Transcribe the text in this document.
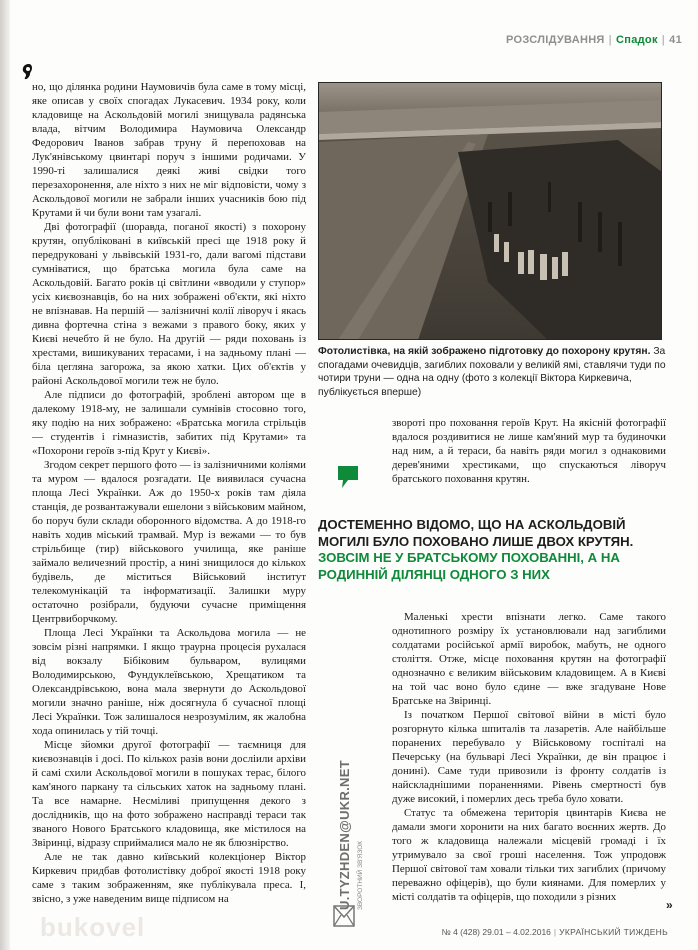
РОЗСЛІДУВАННЯ | Спадок | 41

но, що ділянка родини Наумовичів була саме в тому місці, яке описав у своїх спогадах Лукасевич. 1934 року, коли кладовище на Аскольдовій могилі знищувала радянська влада, вітчим Володимира Наумовича Олександр Федорович Іванов забрав труну й перепоховав на Лук'янівському цвинтарі поруч з іншими родичами. У 1990-ті залишалися деякі живі свідки того перезахоронення, але ніхто з них не міг відповісти, чому з Аскольдової могили не забрали інших учасників бою під Крутами й чи були вони там узагалі.

Дві фотографії (шоравда, поганої якості) з похорону крутян, опубліковані в київській пресі ще 1918 року й передруковані у львівській 1931-го, дали вагомі підстави сумніватися, що братська могила була саме на Аскольдовій. Багато років ці світлини «вводили у ступор» усіх києвознавців, бо на них зображені об'єкти, які ніхто не впізнавав. На першій — залізничні колії ліворуч і якась дивна фортечна стіна з вежами з правого боку, яких у Києві нечебто й не було. На другій — ряди поховань із хрестами, вишикуваних терасами, і на задньому плані — біла цегляна загорожа, за якою хатки. Цих об'єктів у районі Аскольдової могили теж не було.

Але підписи до фотографій, зроблені автором ще в далекому 1918-му, не залишали сумнівів стосовно того, яку подію на них зображено: «Братська могила стрільців — студентів і гімназистів, забитих під Крутами» та «Похорони героїв з-під Крут у Києві».

Згодом секрет першого фото — із залізничними коліями та муром — вдалося розгадати. Це виявилася сучасна площа Лесі Українки. Аж до 1950-х років там діяла станція, де розвантажували ешелони з військовим майном, бо поруч були склади оборонного відомства. А до 1918-го навіть ходив міський трамвай. Мур із вежами — то був стрільбище (тир) військового училища, яке раніше займало величезний простір, а нині знищилося до кількох будівель, де міститься Військовий інститут телекомунікацій та інформатизації. Залишки муру остаточно розібрали, будуючи сучасне приміщення Центрвиборчкому.

Площа Лесі Українки та Аскольдова могила — не зовсім різні напрямки. І якщо траурна процесія рухалася від вокзалу Бібіковим бульваром, вулицями Володимирською, Фундуклеївською, Хрещатиком та Олександрівською, вона мала звернути до Аскольдової могили значно раніше, ніж досягнула б сучасної площі Лесі Українки. Тож залишалося незрозумілим, як жалобна хода опинилась у тій точці.

Місце зйомки другої фотографії — таємниця для києвознавців і досі. По кількох разів вони досліили архіви й самі схили Аскольдової могили в пошуках терас, білого кам'яного паркану та сільських хаток на задньому плані. Та все намарне. Несміливі припущення декого з дослідників, що на фото зображено насправді тераси так званого Нового Братського кладовища, яке містилося на Звіринці, відразу сприймалися мало не як блюзнірство.

Але не так давно київський колекціонер Віктор Киркевич придбав фотолистівку доброї якості 1918 року саме з таким зображенням, яке публікувала преса. І, звісно, з уже наведеним вище підписом на

Фотолистівка, на якій зображено підготовку до похорону крутян. За спогадами очевидців, загиблих поховали у великій ямі, ставлячи туди по чотири труни — одна на одну (фото з колекції Віктора Киркевича, публікується вперше)

звороті про поховання героїв Крут. На якісній фотографії вдалося роздивитися не лише кам'яний мур та будиночки над ним, а й тераси, ба навіть ряди могил з однаковими дерев'яними хрестиками, що спускаються ліворуч братського поховання крутян.

ДОСТЕМЕННО ВІДОМО, ЩО НА АСКОЛЬДОВІЙ МОГИЛІ БУЛО ПОХОВАНО ЛИШЕ ДВОХ КРУТЯН.
ЗОВСІМ НЕ У БРАТСЬКОМУ ПОХОВАННІ, А НА РОДИННІЙ ДІЛЯНЦІ ОДНОГО З НИХ
U.TYZHDEN@UKR.NET ЗВОРОТНИЙ ЗВ'ЯЗОК

Маленькі хрести впізнати легко. Саме такого однотипного розміру їх установлювали над загиблими солдатами російської армії виробок, мабуть, не одного століття. Отже, місце поховання крутян на фотографії однозначно є великим військовим кладовищем. А в Києві на той час воно було єдине — вже згадуване Нове Братське на Звіринці.

Із початком Першої світової війни в місті було розгорнуто кілька шпиталів та лазаретів. Але найбільше поранених перебувало у Військовому госпіталі на Печерську (на бульварі Лесі Українки, де він працює і донині). Саме туди привозили із фронту солдатів із найскладнішими пораненнями. Рівень смертності був дуже високий, і померлих десь треба було ховати.

Статус та обмежена територія цвинтарів Києва не дамали змоги хоронити на них багато воєнних жертв. До того ж кладовища належали місцевій громаді і їх утримувало за свої гроші населення. Тож упродовж Першої світової там ховали тільки тих загиблих (причому переважно офіцерів), що були киянами. Для померлих у місті солдатів та офіцерів, що походили з різних

»
bukovel	№ 4 (428) 29.01 – 4.02.2016 | УКРАЇНСЬКИЙ ТИЖДЕНЬ
